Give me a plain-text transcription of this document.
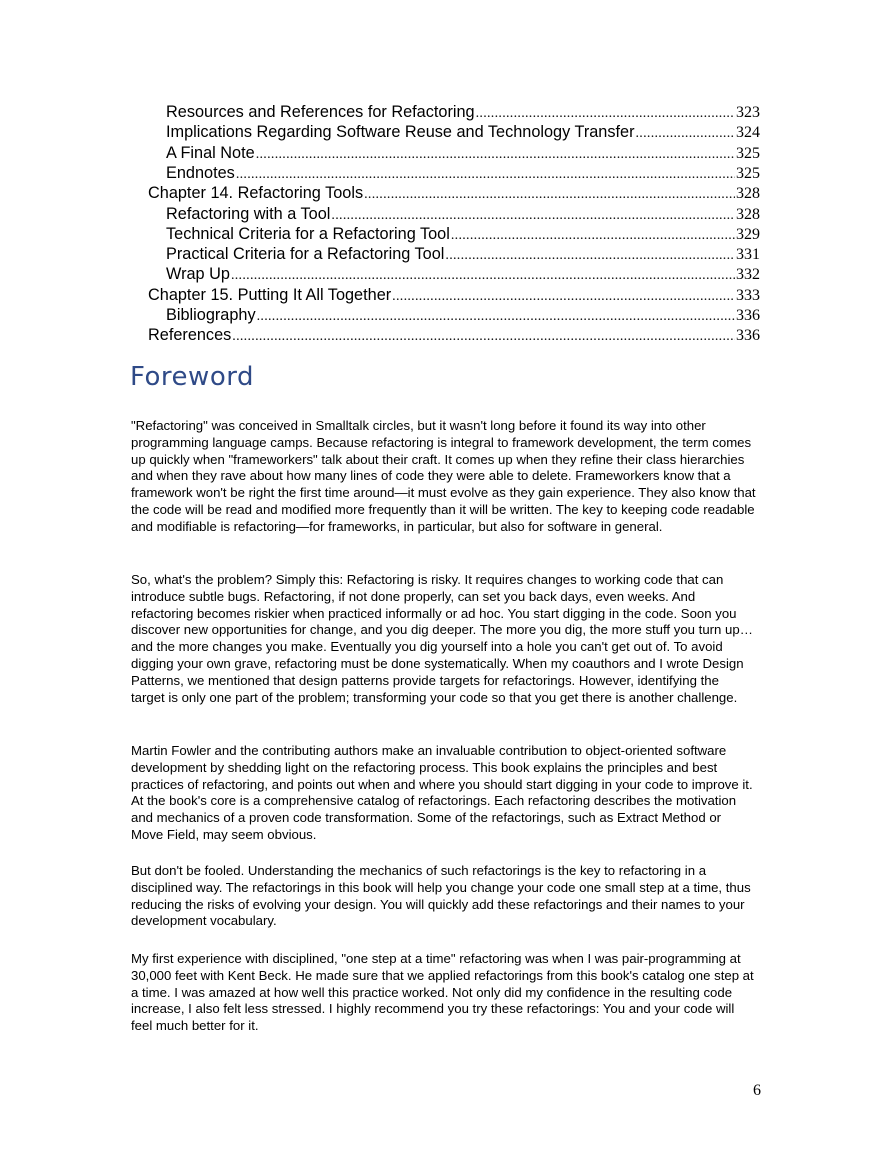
Resources and References for Refactoring .....	323
Implications Regarding Software Reuse and Technology Transfer .....	324
A Final Note .....	325
Endnotes .....	325
Chapter 14. Refactoring Tools .....	328
Refactoring with a Tool .....	328
Technical Criteria for a Refactoring Tool .....	329
Practical Criteria for a Refactoring Tool .....	331
Wrap Up .....	332
Chapter 15. Putting It All Together .....	333
Bibliography .....	336
References .....	336
Foreword

"Refactoring" was conceived in Smalltalk circles, but it wasn't long before it found its way into other programming language camps. Because refactoring is integral to framework development, the term comes up quickly when "frameworkers" talk about their craft. It comes up when they refine their class hierarchies and when they rave about how many lines of code they were able to delete. Frameworkers know that a framework won't be right the first time around—it must evolve as they gain experience. They also know that the code will be read and modified more frequently than it will be written. The key to keeping code readable and modifiable is refactoring—for frameworks, in particular, but also for software in general.

So, what's the problem? Simply this: Refactoring is risky. It requires changes to working code that can introduce subtle bugs. Refactoring, if not done properly, can set you back days, even weeks. And refactoring becomes riskier when practiced informally or ad hoc. You start digging in the code. Soon you discover new opportunities for change, and you dig deeper. The more you dig, the more stuff you turn up…and the more changes you make. Eventually you dig yourself into a hole you can't get out of. To avoid digging your own grave, refactoring must be done systematically. When my coauthors and I wrote Design Patterns, we mentioned that design patterns provide targets for refactorings. However, identifying the target is only one part of the problem; transforming your code so that you get there is another challenge.

Martin Fowler and the contributing authors make an invaluable contribution to object-oriented software development by shedding light on the refactoring process. This book explains the principles and best practices of refactoring, and points out when and where you should start digging in your code to improve it. At the book's core is a comprehensive catalog of refactorings. Each refactoring describes the motivation and mechanics of a proven code transformation. Some of the refactorings, such as Extract Method or Move Field, may seem obvious.

But don't be fooled. Understanding the mechanics of such refactorings is the key to refactoring in a disciplined way. The refactorings in this book will help you change your code one small step at a time, thus reducing the risks of evolving your design. You will quickly add these refactorings and their names to your development vocabulary.

My first experience with disciplined, "one step at a time" refactoring was when I was pair-programming at 30,000 feet with Kent Beck. He made sure that we applied refactorings from this book's catalog one step at a time. I was amazed at how well this practice worked. Not only did my confidence in the resulting code increase, I also felt less stressed. I highly recommend you try these refactorings: You and your code will feel much better for it.

6
